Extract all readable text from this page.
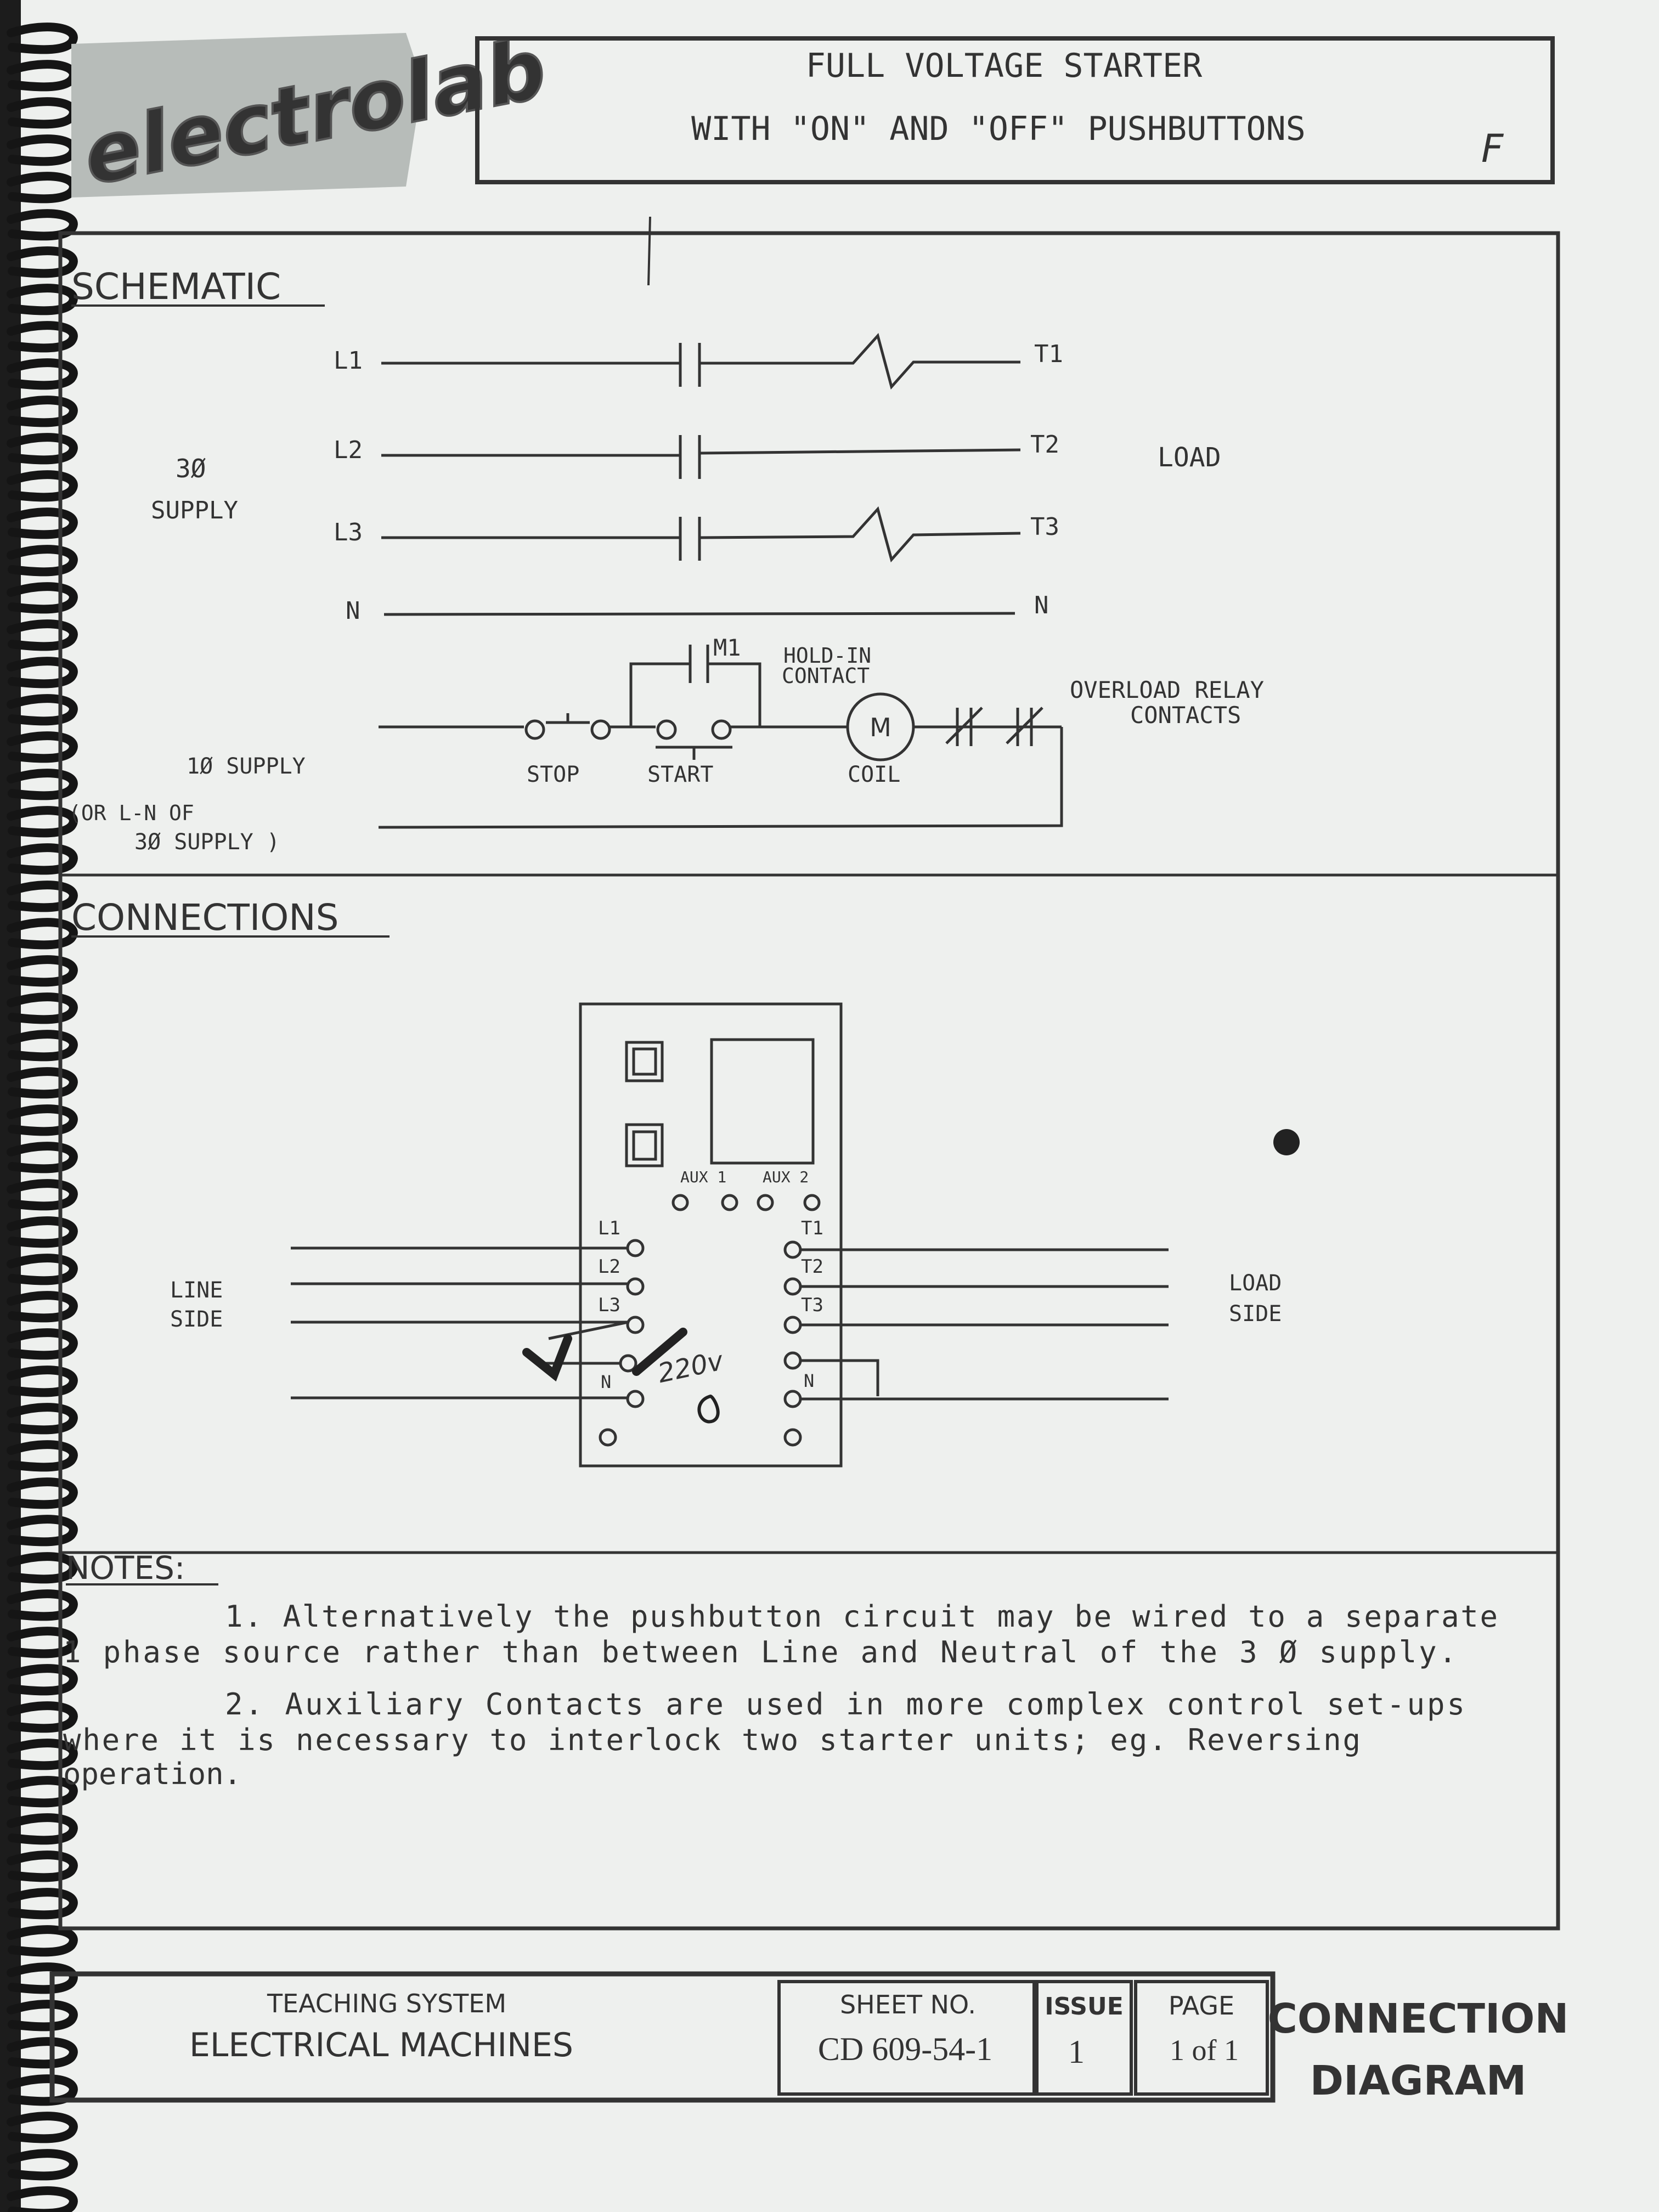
electrolab	FULL VOLTAGE STARTER
WITH "ON" AND "OFF" PUSHBUTTONS	F
SCHEMATIC
L1
L2
L3
N
T1
T2
T3
N
3Ø
SUPPLY
LOAD
M
M1 HOLD-IN
CONTACT
OVERLOAD RELAY
CONTACTS
STOP	START	COIL
1Ø SUPPLY
(OR L-N OF
3Ø SUPPLY )
CONNECTIONS
AUX 1 AUX 2
L1
L2
L3
N
T1
T2
T3
N
220v
LINE
SIDE
LOAD
SIDE
NOTES:
1. Alternatively the pushbutton circuit may be wired to a separate
1 phase source rather than between Line and Neutral of the 3 Ø supply.
2. Auxiliary Contacts are used in more complex control set-ups
where it is necessary to interlock two starter units; eg. Reversing
operation.
TEACHING SYSTEM
ELECTRICAL MACHINES
SHEET NO.
CD 609-54-1
ISSUE
1
PAGE
1 of 1
CONNECTION
DIAGRAM
